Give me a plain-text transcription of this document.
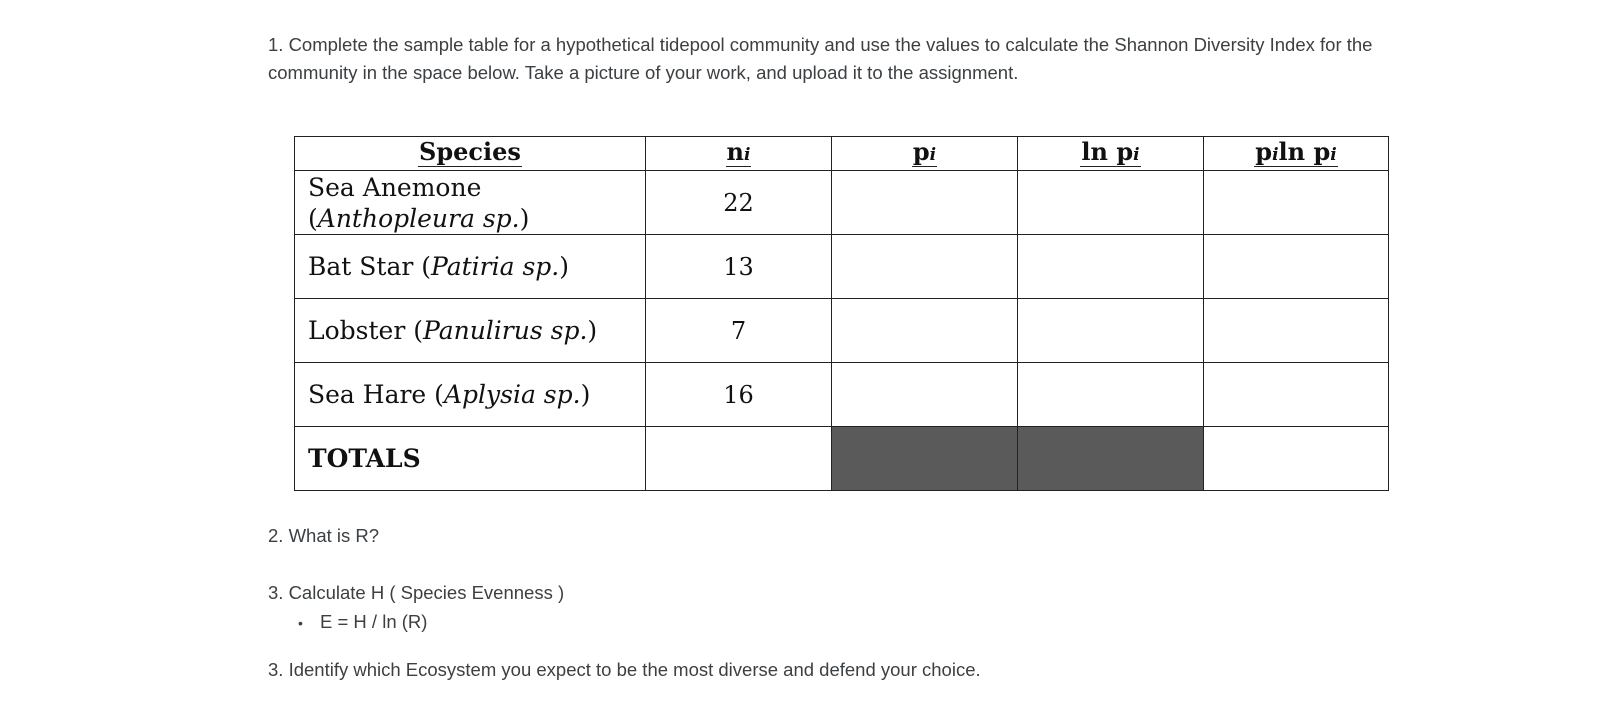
1. Complete the sample table for a hypothetical tidepool community and use the values to calculate the Shannon Diversity Index for the community in the space below. Take a picture of your work, and upload it to the assignment.
Species	ni	pi	ln pi	piln pi

Sea Anemone
(Anthopleura sp.)	22			
Bat Star (Patiria sp.)	13			
Lobster (Panulirus sp.)	7			
Sea Hare (Aplysia sp.)	16			
TOTALS				
2. What is R?
3. Calculate H ( Species Evenness )
• E = H / ln (R)
3. Identify which Ecosystem you expect to be the most diverse and defend your choice.
